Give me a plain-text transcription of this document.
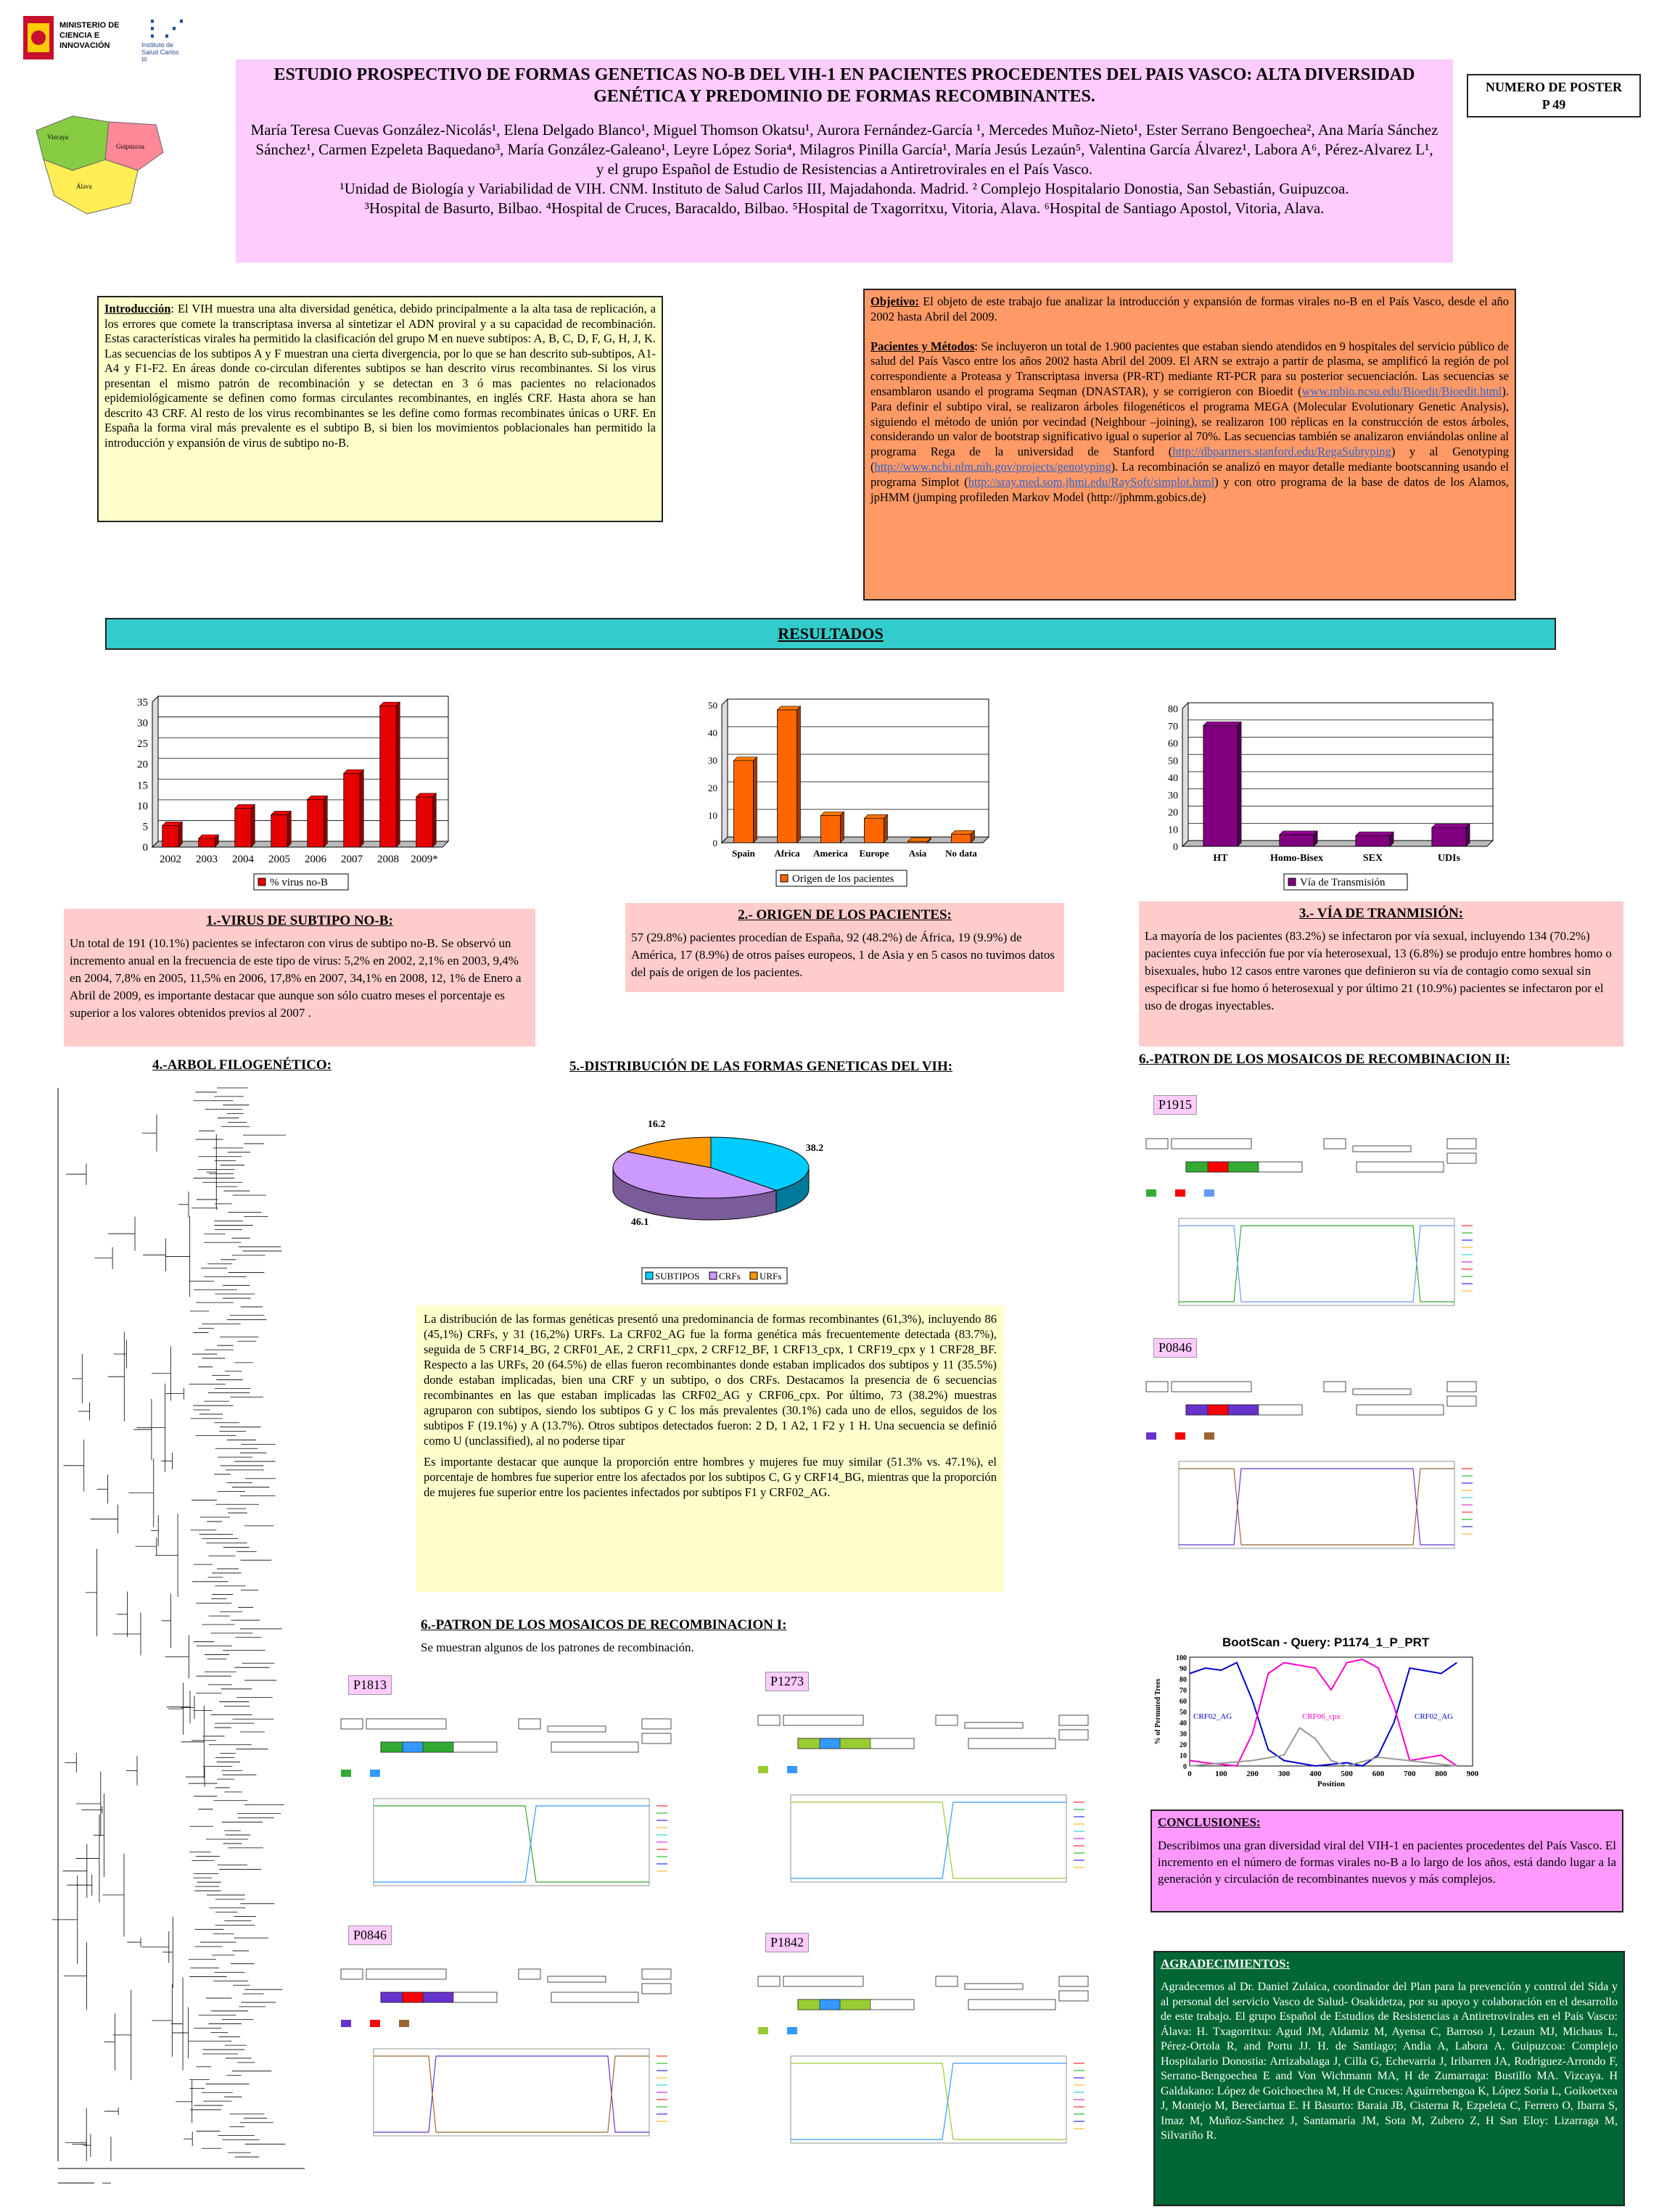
MINISTERIO DE CIENCIA E INNOVACIÓN
⋮⋰
Instituto de Salud Carlos III
Vizcaya
Guipúzcoa
Álava
ESTUDIO PROSPECTIVO DE FORMAS GENETICAS NO-B DEL VIH-1 EN PACIENTES PROCEDENTES DEL PAIS VASCO: ALTA DIVERSIDAD GENÉTICA Y PREDOMINIO DE FORMAS RECOMBINANTES.
María Teresa Cuevas González-Nicolás¹, Elena Delgado Blanco¹, Miguel Thomson Okatsu¹, Aurora Fernández-García ¹, Mercedes Muñoz-Nieto¹, Ester Serrano Bengoechea², Ana María Sánchez Sánchez¹, Carmen Ezpeleta Baquedano³, María González-Galeano¹, Leyre López Soria⁴, Milagros Pinilla García¹, María Jesús Lezaún⁵, Valentina García Álvarez¹, Labora A⁶, Pérez-Alvarez L¹, y el grupo Español de Estudio de Resistencias a Antiretrovirales en el País Vasco.
¹Unidad de Biología y Variabilidad de VIH. CNM. Instituto de Salud Carlos III, Majadahonda. Madrid. ² Complejo Hospitalario Donostia, San Sebastián, Guipuzcoa.
³Hospital de Basurto, Bilbao. ⁴Hospital de Cruces, Baracaldo, Bilbao. ⁵Hospital de Txagorritxu, Vitoria, Alava. ⁶Hospital de Santiago Apostol, Vitoria, Alava.
NUMERO DE POSTER
P 49
Introducción: El VIH muestra una alta diversidad genética, debido principalmente a la alta tasa de replicación, a los errores que comete la transcriptasa inversa al sintetizar el ADN proviral y a su capacidad de recombinación. Estas características virales ha permitido la clasificación del grupo M en nueve subtipos: A, B, C, D, F, G, H, J, K. Las secuencias de los subtipos A y F muestran una cierta divergencia, por lo que se han descrito sub-subtipos, A1-A4 y F1-F2. En áreas donde co-circulan diferentes subtipos se han descrito virus recombinantes. Si los virus presentan el mismo patrón de recombinación y se detectan en 3 ó mas pacientes no relacionados epidemiológicamente se definen como formas circulantes recombinantes, en inglés CRF. Hasta ahora se han descrito 43 CRF. Al resto de los virus recombinantes se les define como formas recombinates únicas o URF. En España la forma viral más prevalente es el subtipo B, si bien los movimientos poblacionales han permitido la introducción y expansión de virus de subtipo no-B.
Objetivo: El objeto de este trabajo fue analizar la introducción y expansión de formas virales no-B en el País Vasco, desde el año 2002 hasta Abril del 2009.
Pacientes y Métodos: Se incluyeron un total de 1.900 pacientes que estaban siendo atendidos en 9 hospitales del servicio público de salud del País Vasco entre los años 2002 hasta Abril del 2009. El ARN se extrajo a partir de plasma, se amplificó la región de pol correspondiente a Proteasa y Transcriptasa inversa (PR-RT) mediante RT-PCR para su posterior secuenciación. Las secuencias se ensamblaron usando el programa Seqman (DNASTAR), y se corrigieron con Bioedit (www.mbio.ncsu.edu/Bioedit/Bioedit.html). Para definir el subtipo viral, se realizaron árboles filogenéticos el programa MEGA (Molecular Evolutionary Genetic Analysis), siguiendo el método de unión por vecindad (Neighbour –joining), se realizaron 100 réplicas en la construcción de estos árboles, considerando un valor de bootstrap significativo igual o superior al 70%. Las secuencias también se analizaron enviándolas online al programa Rega de la universidad de Stanford (http://dbpartners.stanford.edu/RegaSubtyping) y al Genotyping (http://www.ncbi.nlm.nih.gov/projects/genotyping). La recombinación se analizó en mayor detalle mediante bootscanning usando el programa Simplot (http://sray.med.som.jhmi.edu/RaySoft/simplot.html) y con otro programa de la base de datos de los Alamos, jpHMM (jumping profileden Markov Model (http://jphmm.gobics.de)
RESULTADOS
0
5
10
15
20
25
30
35
2002 2003 2004 2005 2006 2007 2008 2009*
% virus no-B
0
10
20
30
40
50
Spain Africa America Europe Asia No data
Origen de los pacientes
0
10
20
30
40
50
60
70
80
HT	Homo-Bisex	SEX	UDIs
Vía de Transmisión
1.-VIRUS DE SUBTIPO NO-B:
Un total de 191 (10.1%) pacientes se infectaron con virus de subtipo no-B. Se observó un incremento anual en la frecuencia de este tipo de virus: 5,2% en 2002, 2,1% en 2003, 9,4% en 2004, 7,8% en 2005, 11,5% en 2006, 17,8% en 2007, 34,1% en 2008, 12, 1% de Enero a Abril de 2009, es importante destacar que aunque son sólo cuatro meses el porcentaje es superior a los valores obtenidos previos al 2007 .
2.- ORIGEN DE LOS PACIENTES:
57 (29.8%) pacientes procedían de España, 92 (48.2%) de África, 19 (9.9%) de América, 17 (8.9%) de otros países europeos, 1 de Asia y en 5 casos no tuvimos datos del país de origen de los pacientes.
3.- VÍA DE TRANMISIÓN:
La mayoría de los pacientes (83.2%) se infectaron por vía sexual, incluyendo 134 (70.2%) pacientes cuya infección fue por vía heterosexual, 13 (6.8%) se produjo entre hombres homo o bisexuales, hubo 12 casos entre varones que definieron su vía de contagio como sexual sin especificar si fue homo ó heterosexual y por último 21 (10.9%) pacientes se infectaron por el uso de drogas inyectables.
4.-ARBOL FILOGENÉTICO:	5.-DISTRIBUCIÓN DE LAS FORMAS GENETICAS DEL VIH:
38.2
46.1
16.2
SUBTIPOS CRFs URFs
La distribución de las formas genéticas presentó una predominancia de formas recombinantes (61,3%), incluyendo 86 (45,1%) CRFs, y 31 (16,2%) URFs. La CRF02_AG fue la forma genética más frecuentemente detectada (83.7%), seguida de 5 CRF14_BG, 2 CRF01_AE, 2 CRF11_cpx, 2 CRF12_BF, 1 CRF13_cpx, 1 CRF19_cpx y 1 CRF28_BF. Respecto a las URFs, 20 (64.5%) de ellas fueron recombinantes donde estaban implicados dos subtipos y 11 (35.5%) donde estaban implicadas, bien una CRF y un subtipo, o dos CRFs. Destacamos la presencia de 6 secuencias recombinantes en las que estaban implicadas las CRF02_AG y CRF06_cpx. Por último, 73 (38.2%) muestras agruparon con subtipos, siendo los subtipos G y C los más prevalentes (30.1%) cada uno de ellos, seguidos de los subtipos F (19.1%) y A (13.7%). Otros subtipos detectados fueron: 2 D, 1 A2, 1 F2 y 1 H. Una secuencia se definió como U (unclassified), al no poderse tipar
Es importante destacar que aunque la proporción entre hombres y mujeres fue muy similar (51.3% vs. 47.1%), el porcentaje de hombres fue superior entre los afectados por los subtipos C, G y CRF14_BG, mientras que la proporción de mujeres fue superior entre los pacientes infectados por subtipos F1 y CRF02_AG.
6.-PATRON DE LOS MOSAICOS DE RECOMBINACION I:
Se muestran algunos de los patrones de recombinación.
6.-PATRON DE LOS MOSAICOS DE RECOMBINACION II:
BootScan - Query: P1174_1_P_PRT
0
10
20
30
40
50
60
70
80
90
100
0	100 200 300 400 500 600 700 800 900
Position
% of Permuted Trees	CRF02_AG	CRF06_cpx	CRF02_AG
CONCLUSIONES:
Describimos una gran diversidad viral del VIH-1 en pacientes procedentes del País Vasco. El incremento en el número de formas virales no-B a lo largo de los años, está dando lugar a la generación y circulación de recombinantes nuevos y más complejos.
AGRADECIMIENTOS:
Agradecemos al Dr. Daniel Zulaica, coordinador del Plan para la prevención y control del Sida y al personal del servicio Vasco de Salud- Osakidetza, por su apoyo y colaboración en el desarrollo de este trabajo. El grupo Español de Estudios de Resistencias a Antiretrovirales en el País Vasco: Álava: H. Txagorritxu: Agud JM, Aldamiz M, Ayensa C, Barroso J, Lezaun MJ, Michaus L, Pérez-Ortola R, and Portu JJ. H. de Santiago; Andia A, Labora A. Guipuzcoa: Complejo Hospitalario Donostia: Arrizabalaga J, Cilla G, Echevarria J, Iribarren JA, Rodriguez-Arrondo F, Serrano-Bengoechea E and Von Wichmann MA, H de Zumarraga: Bustillo MA. Vizcaya. H Galdakano: López de Goichoechea M, H de Cruces: Aguirrebengoa K, López Soria L, Goikoetxea J, Montejo M, Bereciartua E. H Basurto: Baraia JB, Cisterna R, Ezpeleta C, Ferrero O, Ibarra S, Imaz M, Muñoz-Sanchez J, Santamaría JM, Sota M, Zubero Z, H San Eloy: Lizarraga M, Silvariño R.
P1915
P0846
P1813	P1273
P0846	P1842
